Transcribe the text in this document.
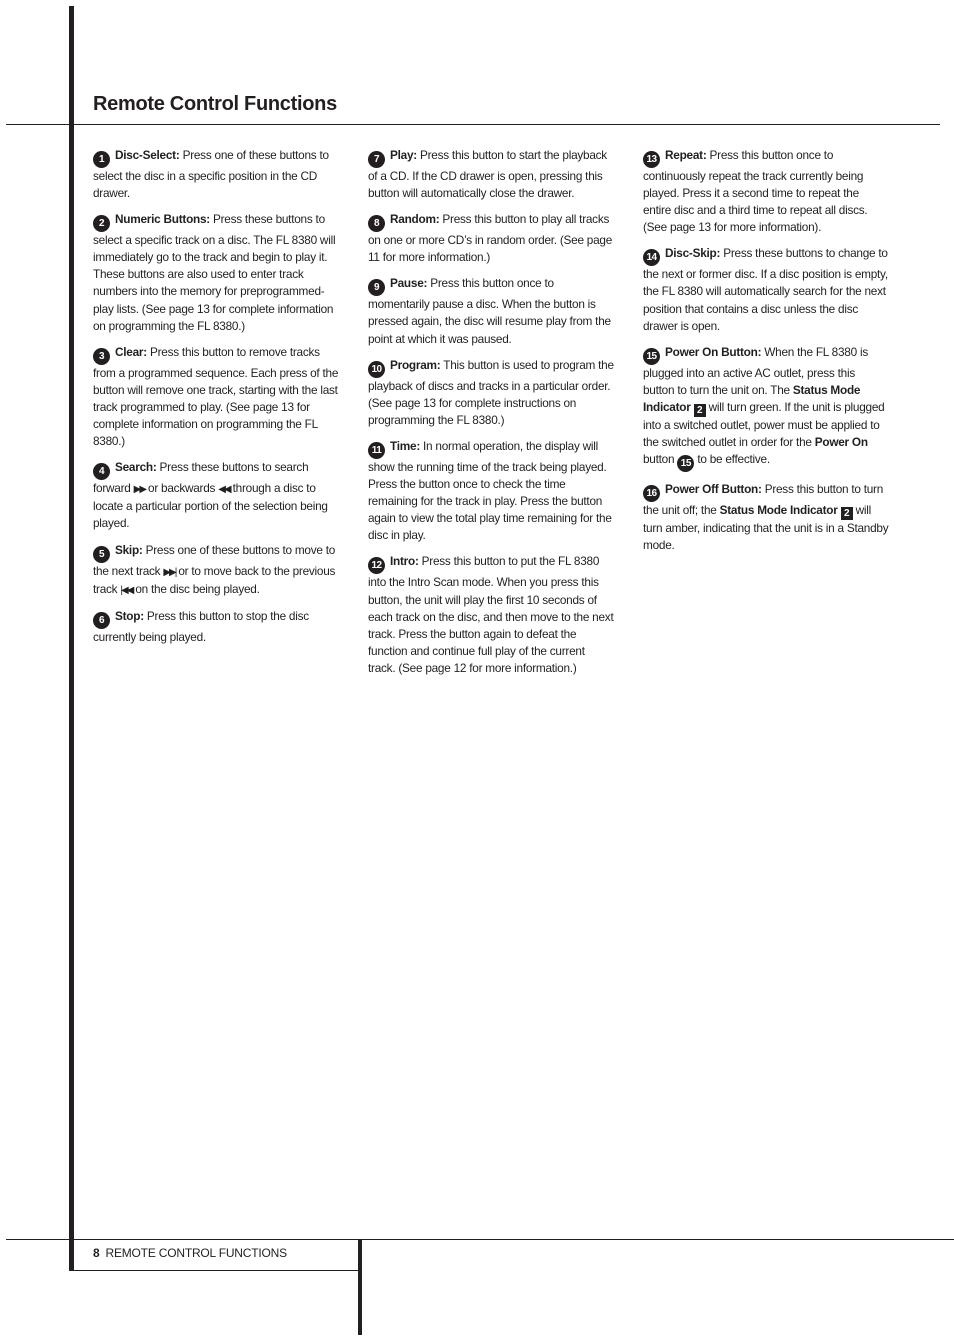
Remote Control Functions

1 Disc-Select: Press one of these buttons to select the disc in a specific position in the CD drawer.

2 Numeric Buttons: Press these buttons to select a specific track on a disc. The FL 8380 will immediately go to the track and begin to play it. These buttons are also used to enter track numbers into the memory for preprogrammed-play lists. (See page 13 for complete information on programming the FL 8380.)

3 Clear: Press this button to remove tracks from a programmed sequence. Each press of the button will remove one track, starting with the last track programmed to play. (See page 13 for complete information on programming the FL 8380.)

4 Search: Press these buttons to search forward ▶▶ or backwards ◀◀ through a disc to locate a particular portion of the selection being played.

5 Skip: Press one of these buttons to move to the next track ▶▶| or to move back to the previous track |◀◀ on the disc being played.

6 Stop: Press this button to stop the disc currently being played.

7 Play: Press this button to start the playback of a CD. If the CD drawer is open, pressing this button will automatically close the drawer.

8 Random: Press this button to play all tracks on one or more CD’s in random order. (See page 11 for more information.)

9 Pause: Press this button once to momentarily pause a disc. When the button is pressed again, the disc will resume play from the point at which it was paused.

10 Program: This button is used to program the playback of discs and tracks in a particular order. (See page 13 for complete instructions on programming the FL 8380.)

11 Time: In normal operation, the display will show the running time of the track being played. Press the button once to check the time remaining for the track in play. Press the button again to view the total play time remaining for the disc in play.

12 Intro: Press this button to put the FL 8380 into the Intro Scan mode. When you press this button, the unit will play the first 10 seconds of each track on the disc, and then move to the next track. Press the button again to defeat the function and continue full play of the current track. (See page 12 for more information.)

13 Repeat: Press this button once to continuously repeat the track currently being played. Press it a second time to repeat the entire disc and a third time to repeat all discs. (See page 13 for more information).

14 Disc-Skip: Press these buttons to change to the next or former disc. If a disc position is empty, the FL 8380 will automatically search for the next position that contains a disc unless the disc drawer is open.

15 Power On Button: When the FL 8380 is plugged into an active AC outlet, press this button to turn the unit on. The Status Mode Indicator 2 will turn green. If the unit is plugged into a switched outlet, power must be applied to the switched outlet in order for the Power On button 15 to be effective.

16 Power Off Button: Press this button to turn the unit off; the Status Mode Indicator 2 will turn amber, indicating that the unit is in a Standby mode.

8 REMOTE CONTROL FUNCTIONS
